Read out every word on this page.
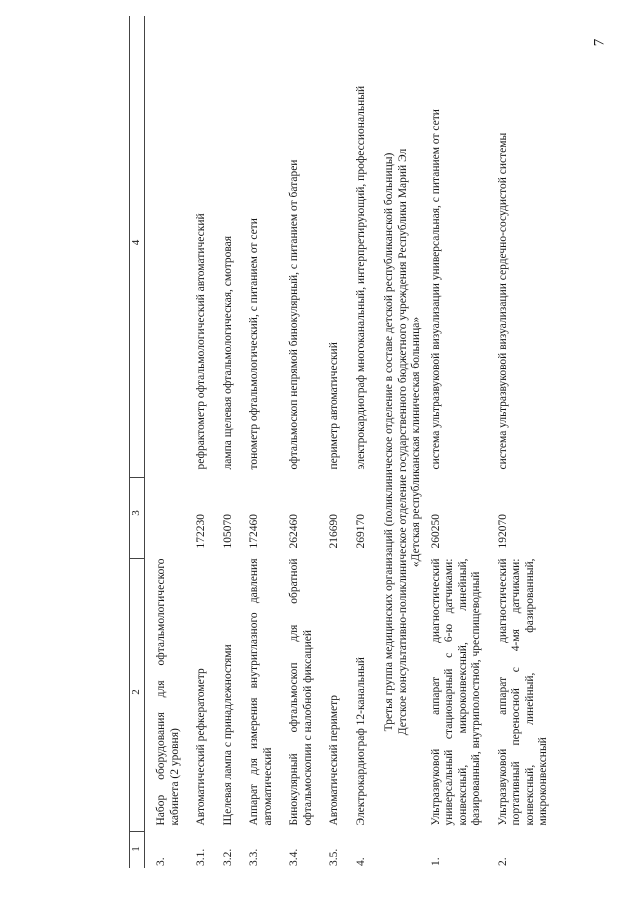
7
1	2	3	4
3.	Набор оборудования для офтальмологического кабинета (2 уровня)		

3.1.	Автоматический рефкератометр	172230	рефрактометр офтальмологический автоматический

3.2.	Щелевая лампа с принадлежностями	105070	лампа щелевая офтальмологическая, смотровая

3.3.	Аппарат для измерения внутриглазного давления автоматический	172460	тонометр офтальмологический, с питанием от сети

3.4.	Бинокулярный офтальмоскоп для обратной офтальмоскопии с налобной фиксацией	262460	офтальмоскоп непрямой бинокулярный, с питанием от батареи

3.5.	Автоматический периметр	216690	периметр автоматический

4.	Электрокардиограф 12-канальный	269170	электрокардиограф многоканальный, интерпретирующий, профессиональный

Третья группа медицинских организаций (поликлиническое отделение в составе детской республиканской больницы) Детское консультативно-поликлиническое отделение государственного бюджетного учреждения Республики Марий Эл «Детская республиканская клиническая больница»			

1.	Ультразвуковой аппарат диагностический универсальный стационарный с 6-ю датчиками: конвексный, микроконвексный, линейный, фазированный, внутриполостной, чреспищеводный	260250	система ультразвуковой визуализации универсальная, с питанием от сети

2.	Ультразвуковой аппарат диагностический портативный переносной с 4-мя датчиками: конвексный, линейный, фазированный, микроконвексный	192070	система ультразвуковой визуализации сердечно-сосудистой системы
